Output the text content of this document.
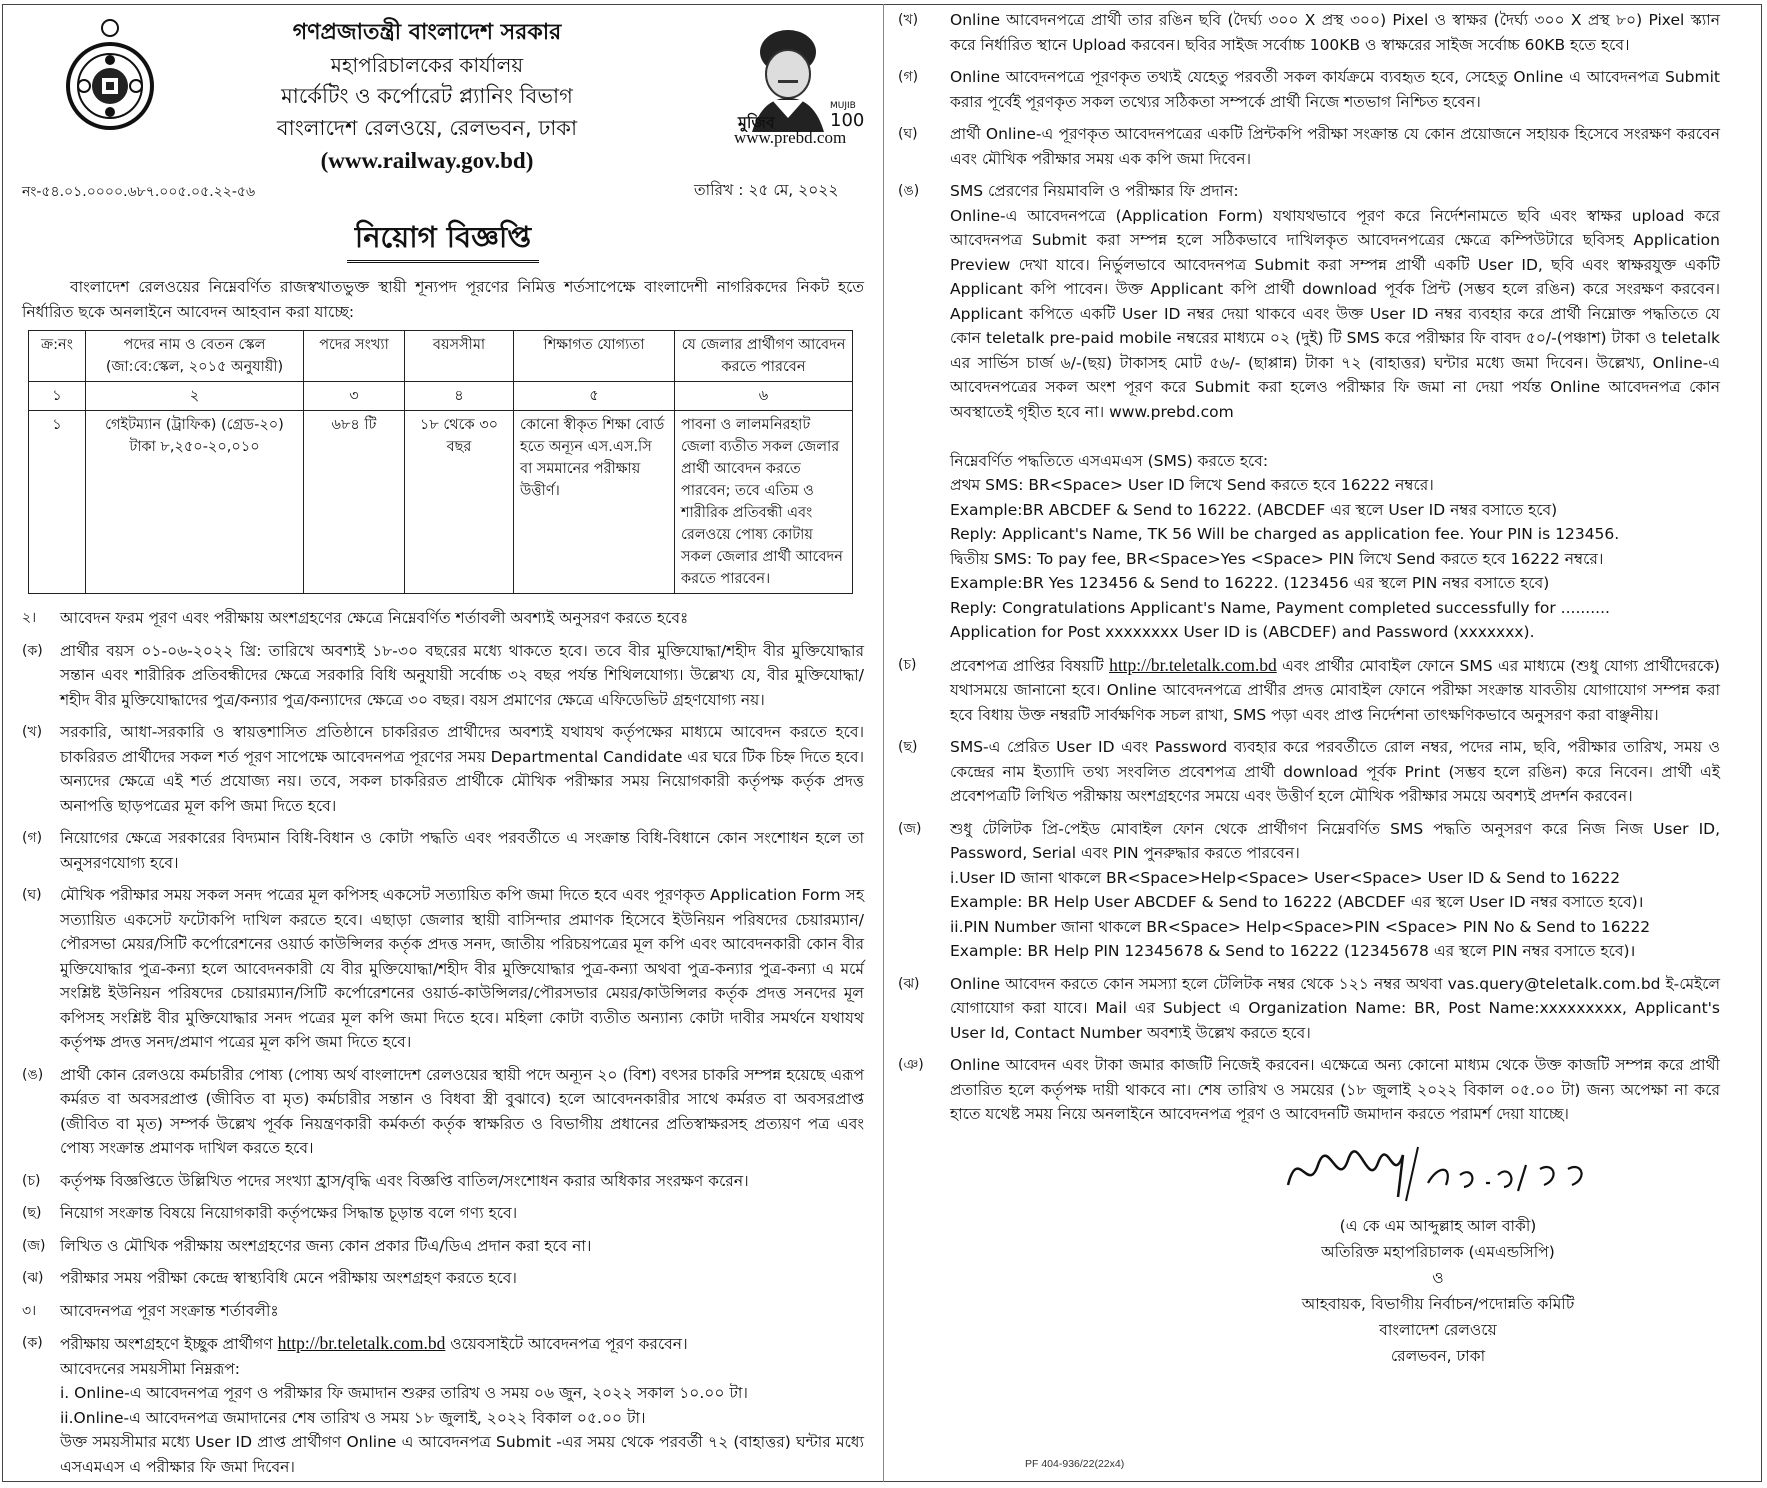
গণপ্রজাতন্ত্রী বাংলাদেশ সরকার
মহাপরিচালকের কার্যালয়
মার্কেটিং ও কর্পোরেট প্ল্যানিং বিভাগ
বাংলাদেশ রেলওয়ে, রেলভবন, ঢাকা
(www.railway.gov.bd)
মুজিব
MUJIB
100
www.prebd.com
নং-৫৪.০১.০০০০.৬৮৭.০০৫.০৫.২২-৫৬	তারিখ : ২৫ মে, ২০২২
নিয়োগ বিজ্ঞপ্তি

বাংলাদেশ রেলওয়ের নিম্নেবর্ণিত রাজস্বখাতভুক্ত স্থায়ী শূন্যপদ পূরণের নিমিত্ত শর্তসাপেক্ষে বাংলাদেশী নাগরিকদের নিকট হতে নির্ধারিত ছকে অনলাইনে আবেদন আহবান করা যাচ্ছে:

ক্র:নং	পদের নাম ও বেতন স্কেল (জা:বে:স্কেল, ২০১৫ অনুযায়ী)	পদের সংখ্যা	বয়সসীমা	শিক্ষাগত যোগ্যতা	যে জেলার প্রার্থীগণ আবেদন করতে পারবেন
১	২	৩	৪	৫	৬
১	গেইটম্যান (ট্রাফিক) (গ্রেড-২০) টাকা ৮,২৫০-২০,০১০	৬৮৪ টি	১৮ থেকে ৩০ বছর	কোনো স্বীকৃত শিক্ষা বোর্ড হতে অন্যূন এস.এস.সি বা সমমানের পরীক্ষায় উত্তীর্ণ।	পাবনা ও লালমনিরহাট জেলা ব্যতীত সকল জেলার প্রার্থী আবেদন করতে পারবেন; তবে এতিম ও শারীরিক প্রতিবন্ধী এবং রেলওয়ে পোষ্য কোটায় সকল জেলার প্রার্থী আবেদন করতে পারবেন।
২।	আবেদন ফরম পূরণ এবং পরীক্ষায় অংশগ্রহণের ক্ষেত্রে নিম্নেবর্ণিত শর্তাবলী অবশ্যই অনুসরণ করতে হবেঃ
(ক)	প্রার্থীর বয়স ০১-০৬-২০২২ খ্রি: তারিখে অবশ্যই ১৮-৩০ বছরের মধ্যে থাকতে হবে। তবে বীর মুক্তিযোদ্ধা/শহীদ বীর মুক্তিযোদ্ধার সন্তান এবং শারীরিক প্রতিবন্ধীদের ক্ষেত্রে সরকারি বিধি অনুযায়ী সর্বোচ্চ ৩২ বছর পর্যন্ত শিথিলযোগ্য। উল্লেখ্য যে, বীর মুক্তিযোদ্ধা/শহীদ বীর মুক্তিযোদ্ধাদের পুত্র/কন্যার পুত্র/কন্যাদের ক্ষেত্রে ৩০ বছর। বয়স প্রমাণের ক্ষেত্রে এফিডেভিট গ্রহণযোগ্য নয়।
(খ)	সরকারি, আধা-সরকারি ও স্বায়ত্তশাসিত প্রতিষ্ঠানে চাকরিরত প্রার্থীদের অবশ্যই যথাযথ কর্তৃপক্ষের মাধ্যমে আবেদন করতে হবে। চাকরিরত প্রার্থীদের সকল শর্ত পূরণ সাপেক্ষে আবেদনপত্র পূরণের সময় Departmental Candidate এর ঘরে টিক চিহ্ন দিতে হবে। অন্যদের ক্ষেত্রে এই শর্ত প্রযোজ্য নয়। তবে, সকল চাকরিরত প্রার্থীকে মৌখিক পরীক্ষার সময় নিয়োগকারী কর্তৃপক্ষ কর্তৃক প্রদত্ত অনাপত্তি ছাড়পত্রের মূল কপি জমা দিতে হবে।
(গ)	নিয়োগের ক্ষেত্রে সরকারের বিদ্যমান বিধি-বিধান ও কোটা পদ্ধতি এবং পরবর্তীতে এ সংক্রান্ত বিধি-বিধানে কোন সংশোধন হলে তা অনুসরণযোগ্য হবে।
(ঘ)	মৌখিক পরীক্ষার সময় সকল সনদ পত্রের মূল কপিসহ একসেট সত্যায়িত কপি জমা দিতে হবে এবং পূরণকৃত Application Form সহ সত্যায়িত একসেট ফটোকপি দাখিল করতে হবে। এছাড়া জেলার স্থায়ী বাসিন্দার প্রমাণক হিসেবে ইউনিয়ন পরিষদের চেয়ারম্যান/পৌরসভা মেয়র/সিটি কর্পোরেশনের ওয়ার্ড কাউন্সিলর কর্তৃক প্রদত্ত সনদ, জাতীয় পরিচয়পত্রের মূল কপি এবং আবেদনকারী কোন বীর মুক্তিযোদ্ধার পুত্র-কন্যা হলে আবেদনকারী যে বীর মুক্তিযোদ্ধা/শহীদ বীর মুক্তিযোদ্ধার পুত্র-কন্যা অথবা পুত্র-কন্যার পুত্র-কন্যা এ মর্মে সংশ্লিষ্ট ইউনিয়ন পরিষদের চেয়ারম্যান/সিটি কর্পোরেশনের ওয়ার্ড-কাউন্সিলর/পৌরসভার মেয়র/কাউন্সিলর কর্তৃক প্রদত্ত সনদের মূল কপিসহ সংশ্লিষ্ট বীর মুক্তিযোদ্ধার সনদ পত্রের মূল কপি জমা দিতে হবে। মহিলা কোটা ব্যতীত অন্যান্য কোটা দাবীর সমর্থনে যথাযথ কর্তৃপক্ষ প্রদত্ত সনদ/প্রমাণ পত্রের মূল কপি জমা দিতে হবে।
(ঙ)	প্রার্থী কোন রেলওয়ে কর্মচারীর পোষ্য (পোষ্য অর্থ বাংলাদেশ রেলওয়ের স্থায়ী পদে অন্যূন ২০ (বিশ) বৎসর চাকরি সম্পন্ন হয়েছে এরূপ কর্মরত বা অবসরপ্রাপ্ত (জীবিত বা মৃত) কর্মচারীর সন্তান ও বিধবা স্ত্রী বুঝাবে) হলে আবেদনকারীর সাথে কর্মরত বা অবসরপ্রাপ্ত (জীবিত বা মৃত) সম্পর্ক উল্লেখ পূর্বক নিয়ন্ত্রণকারী কর্মকর্তা কর্তৃক স্বাক্ষরিত ও বিভাগীয় প্রধানের প্রতিস্বাক্ষরসহ প্রত্যয়ণ পত্র এবং পোষ্য সংক্রান্ত প্রমাণক দাখিল করতে হবে।
(চ)	কর্তৃপক্ষ বিজ্ঞপ্তিতে উল্লিখিত পদের সংখ্যা হ্রাস/বৃদ্ধি এবং বিজ্ঞপ্তি বাতিল/সংশোধন করার অধিকার সংরক্ষণ করেন।
(ছ)	নিয়োগ সংক্রান্ত বিষয়ে নিয়োগকারী কর্তৃপক্ষের সিদ্ধান্ত চূড়ান্ত বলে গণ্য হবে।
(জ) লিখিত ও মৌখিক পরীক্ষায় অংশগ্রহণের জন্য কোন প্রকার টিএ/ডিএ প্রদান করা হবে না।
(ঝ)	পরীক্ষার সময় পরীক্ষা কেন্দ্রে স্বাস্থ্যবিধি মেনে পরীক্ষায় অংশগ্রহণ করতে হবে।
৩।	আবেদনপত্র পূরণ সংক্রান্ত শর্তাবলীঃ
(ক)	পরীক্ষায় অংশগ্রহণে ইচ্ছুক প্রার্থীগণ http://br.teletalk.com.bd ওয়েবসাইটে আবেদনপত্র পূরণ করবেন।
আবেদনের সময়সীমা নিম্নরূপ:
i. Online-এ আবেদনপত্র পূরণ ও পরীক্ষার ফি জমাদান শুরুর তারিখ ও সময় ০৬ জুন, ২০২২ সকাল ১০.০০ টা।
ii.Online-এ আবেদনপত্র জমাদানের শেষ তারিখ ও সময় ১৮ জুলাই, ২০২২ বিকাল ০৫.০০ টা।
উক্ত সময়সীমার মধ্যে User ID প্রাপ্ত প্রার্থীগণ Online এ আবেদনপত্র Submit -এর সময় থেকে পরবর্তী ৭২ (বাহাত্তর) ঘন্টার মধ্যে এসএমএস এ পরীক্ষার ফি জমা দিবেন।
(খ)	Online আবেদনপত্রে প্রার্থী তার রঙিন ছবি (দৈর্ঘ্য ৩০০ X প্রস্থ ৩০০) Pixel ও স্বাক্ষর (দৈর্ঘ্য ৩০০ X প্রস্থ ৮০) Pixel স্ক্যান করে নির্ধারিত স্থানে Upload করবেন। ছবির সাইজ সর্বোচ্চ 100KB ও স্বাক্ষরের সাইজ সর্বোচ্চ 60KB হতে হবে।
(গ)	Online আবেদনপত্রে পূরণকৃত তথ্যই যেহেতু পরবর্তী সকল কার্যক্রমে ব্যবহৃত হবে, সেহেতু Online এ আবেদনপত্র Submit করার পূর্বেই পূরণকৃত সকল তথ্যের সঠিকতা সম্পর্কে প্রার্থী নিজে শতভাগ নিশ্চিত হবেন।
(ঘ)	প্রার্থী Online-এ পূরণকৃত আবেদনপত্রের একটি প্রিন্টকপি পরীক্ষা সংক্রান্ত যে কোন প্রয়োজনে সহায়ক হিসেবে সংরক্ষণ করবেন এবং মৌখিক পরীক্ষার সময় এক কপি জমা দিবেন।
(ঙ)	SMS প্রেরণের নিয়মাবলি ও পরীক্ষার ফি প্রদান:
Online-এ আবেদনপত্রে (Application Form) যথাযথভাবে পূরণ করে নির্দেশনামতে ছবি এবং স্বাক্ষর upload করে আবেদনপত্র Submit করা সম্পন্ন হলে সঠিকভাবে দাখিলকৃত আবেদনপত্রের ক্ষেত্রে কম্পিউটারে ছবিসহ Application Preview দেখা যাবে। নির্ভুলভাবে আবেদনপত্র Submit করা সম্পন্ন প্রার্থী একটি User ID, ছবি এবং স্বাক্ষরযুক্ত একটি Applicant কপি পাবেন। উক্ত Applicant কপি প্রার্থী download পূর্বক প্রিন্ট (সম্ভব হলে রঙিন) করে সংরক্ষণ করবেন। Applicant কপিতে একটি User ID নম্বর দেয়া থাকবে এবং উক্ত User ID নম্বর ব্যবহার করে প্রার্থী নিম্নোক্ত পদ্ধতিতে যে কোন teletalk pre-paid mobile নম্বরের মাধ্যমে ০২ (দুই) টি SMS করে পরীক্ষার ফি বাবদ ৫০/-(পঞ্চাশ) টাকা ও teletalk এর সার্ভিস চার্জ ৬/-(ছয়) টাকাসহ মোট ৫৬/- (ছাপ্পান্ন) টাকা ৭২ (বাহাত্তর) ঘন্টার মধ্যে জমা দিবেন। উল্লেখ্য, Online-এ আবেদনপত্রের সকল অংশ পূরণ করে Submit করা হলেও পরীক্ষার ফি জমা না দেয়া পর্যন্ত Online আবেদনপত্র কোন অবস্থাতেই গৃহীত হবে না। www.prebd.com

নিম্নেবর্ণিত পদ্ধতিতে এসএমএস (SMS) করতে হবে:
প্রথম SMS: BR<Space> User ID লিখে Send করতে হবে 16222 নম্বরে।
Example:BR ABCDEF & Send to 16222. (ABCDEF এর স্থলে User ID নম্বর বসাতে হবে)
Reply: Applicant's Name, TK 56 Will be charged as application fee. Your PIN is 123456.
দ্বিতীয় SMS: To pay fee, BR<Space>Yes <Space> PIN লিখে Send করতে হবে 16222 নম্বরে।
Example:BR Yes 123456 & Send to 16222. (123456 এর স্থলে PIN নম্বর বসাতে হবে)
Reply: Congratulations Applicant's Name, Payment completed successfully for ..........
Application for Post xxxxxxxx User ID is (ABCDEF) and Password (xxxxxxx).
(চ)	প্রবেশপত্র প্রাপ্তির বিষয়টি http://br.teletalk.com.bd এবং প্রার্থীর মোবাইল ফোনে SMS এর মাধ্যমে (শুধু যোগ্য প্রার্থীদেরকে) যথাসময়ে জানানো হবে। Online আবেদনপত্রে প্রার্থীর প্রদত্ত মোবাইল ফোনে পরীক্ষা সংক্রান্ত যাবতীয় যোগাযোগ সম্পন্ন করা হবে বিধায় উক্ত নম্বরটি সার্বক্ষণিক সচল রাখা, SMS পড়া এবং প্রাপ্ত নির্দেশনা তাৎক্ষণিকভাবে অনুসরণ করা বাঞ্ছনীয়।
(ছ)	SMS-এ প্রেরিত User ID এবং Password ব্যবহার করে পরবর্তীতে রোল নম্বর, পদের নাম, ছবি, পরীক্ষার তারিখ, সময় ও কেন্দ্রের নাম ইত্যাদি তথ্য সংবলিত প্রবেশপত্র প্রার্থী download পূর্বক Print (সম্ভব হলে রঙিন) করে নিবেন। প্রার্থী এই প্রবেশপত্রটি লিখিত পরীক্ষায় অংশগ্রহণের সময়ে এবং উত্তীর্ণ হলে মৌখিক পরীক্ষার সময়ে অবশ্যই প্রদর্শন করবেন।
(জ)	শুধু টেলিটক প্রি-পেইড মোবাইল ফোন থেকে প্রার্থীগণ নিম্নেবর্ণিত SMS পদ্ধতি অনুসরণ করে নিজ নিজ User ID, Password, Serial এবং PIN পুনরুদ্ধার করতে পারবেন।
i.User ID জানা থাকলে BR<Space>Help<Space> User<Space> User ID & Send to 16222
Example: BR Help User ABCDEF & Send to 16222 (ABCDEF এর স্থলে User ID নম্বর বসাতে হবে)।
ii.PIN Number জানা থাকলে BR<Space> Help<Space>PIN <Space> PIN No & Send to 16222
Example: BR Help PIN 12345678 & Send to 16222 (12345678 এর স্থলে PIN নম্বর বসাতে হবে)।
(ঝ)	Online আবেদন করতে কোন সমস্যা হলে টেলিটক নম্বর থেকে ১২১ নম্বর অথবা vas.query@teletalk.com.bd ই-মেইলে যোগাযোগ করা যাবে। Mail এর Subject এ Organization Name: BR, Post Name:xxxxxxxxx, Applicant's User Id, Contact Number অবশ্যই উল্লেখ করতে হবে।
(ঞ)	Online আবেদন এবং টাকা জমার কাজটি নিজেই করবেন। এক্ষেত্রে অন্য কোনো মাধ্যম থেকে উক্ত কাজটি সম্পন্ন করে প্রার্থী প্রতারিত হলে কর্তৃপক্ষ দায়ী থাকবে না। শেষ তারিখ ও সময়ের (১৮ জুলাই ২০২২ বিকাল ০৫.০০ টা) জন্য অপেক্ষা না করে হাতে যথেষ্ট সময় নিয়ে অনলাইনে আবেদনপত্র পূরণ ও আবেদনটি জমাদান করতে পরামর্শ দেয়া যাচ্ছে।
(এ কে এম আব্দুল্লাহ আল বাকী)
অতিরিক্ত মহাপরিচালক (এমএন্ডসিপি)
ও
আহবায়ক, বিভাগীয় নির্বাচন/পদোন্নতি কমিটি
বাংলাদেশ রেলওয়ে
রেলভবন, ঢাকা
PF 404-936/22(22x4)
